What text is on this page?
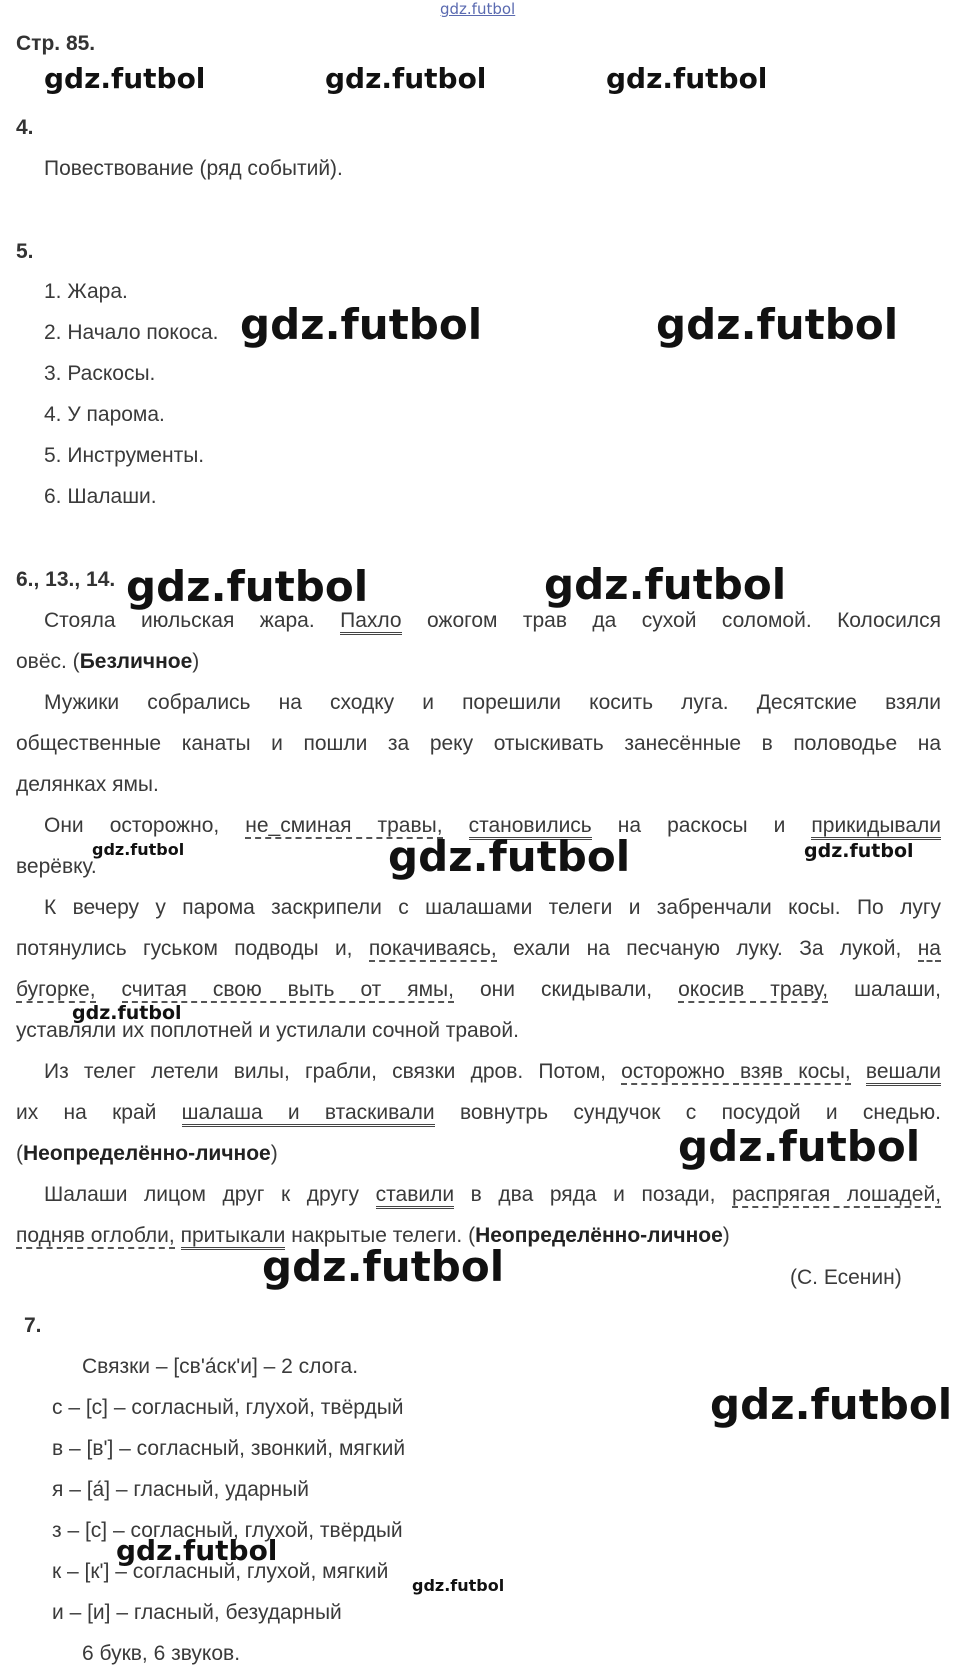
gdz.futbol
Стр. 85.
gdz.futbol	gdz.futbol	gdz.futbol
4.
Повествование (ряд событий).
5.
1. Жара.
2. Начало покоса.
3. Раскосы.
4. У парома.
5. Инструменты.
6. Шалаши.
gdz.futbol	gdz.futbol
6., 13., 14. gdz.futbol	gdz.futbol
Стояла июльская жара. Пахло ожогом трав да сухой соломой. Колосился
овёс. (Безличное)
Мужики собрались на сходку и порешили косить луга. Десятские взяли
общественные канаты и пошли за реку отыскивать занесённые в половодье на
делянках ямы.
Они осторожно, не_сминая травы, становились на раскосы и прикидывали
верёвку.
gdz.futbol	gdz.futbol	gdz.futbol
К вечеру у парома заскрипели с шалашами телеги и забренчали косы. По лугу
потянулись гуськом подводы и, покачиваясь, ехали на песчаную луку. За лукой, на
бугорке, считая свою выть от ямы, они скидывали, окосив траву, шалаши,
уставляли их поплотней и устилали сочной травой.
gdz.futbol
Из телег летели вилы, грабли, связки дров. Потом, осторожно взяв косы, вешали
их на край шалаша и втаскивали вовнутрь сундучок с посудой и снедью.
(Неопределённо-личное)	gdz.futbol
Шалаши лицом друг к другу ставили в два ряда и позади, распрягая лошадей,
подняв оглобли, притыкали накрытые телеги. (Неопределённо-личное)
(С. Есенин)
gdz.futbol
7.
Связки – [св'а́ск'и] – 2 слога.
с – [с] – согласный, глухой, твёрдый
в – [в'] – согласный, звонкий, мягкий
я – [а́] – гласный, ударный
з – [с] – согласный, глухой, твёрдый
к – [к'] – согласный, глухой, мягкий
и – [и] – гласный, безударный
6 букв, 6 звуков.
gdz.futbol
gdz.futbol
gdz.futbol
